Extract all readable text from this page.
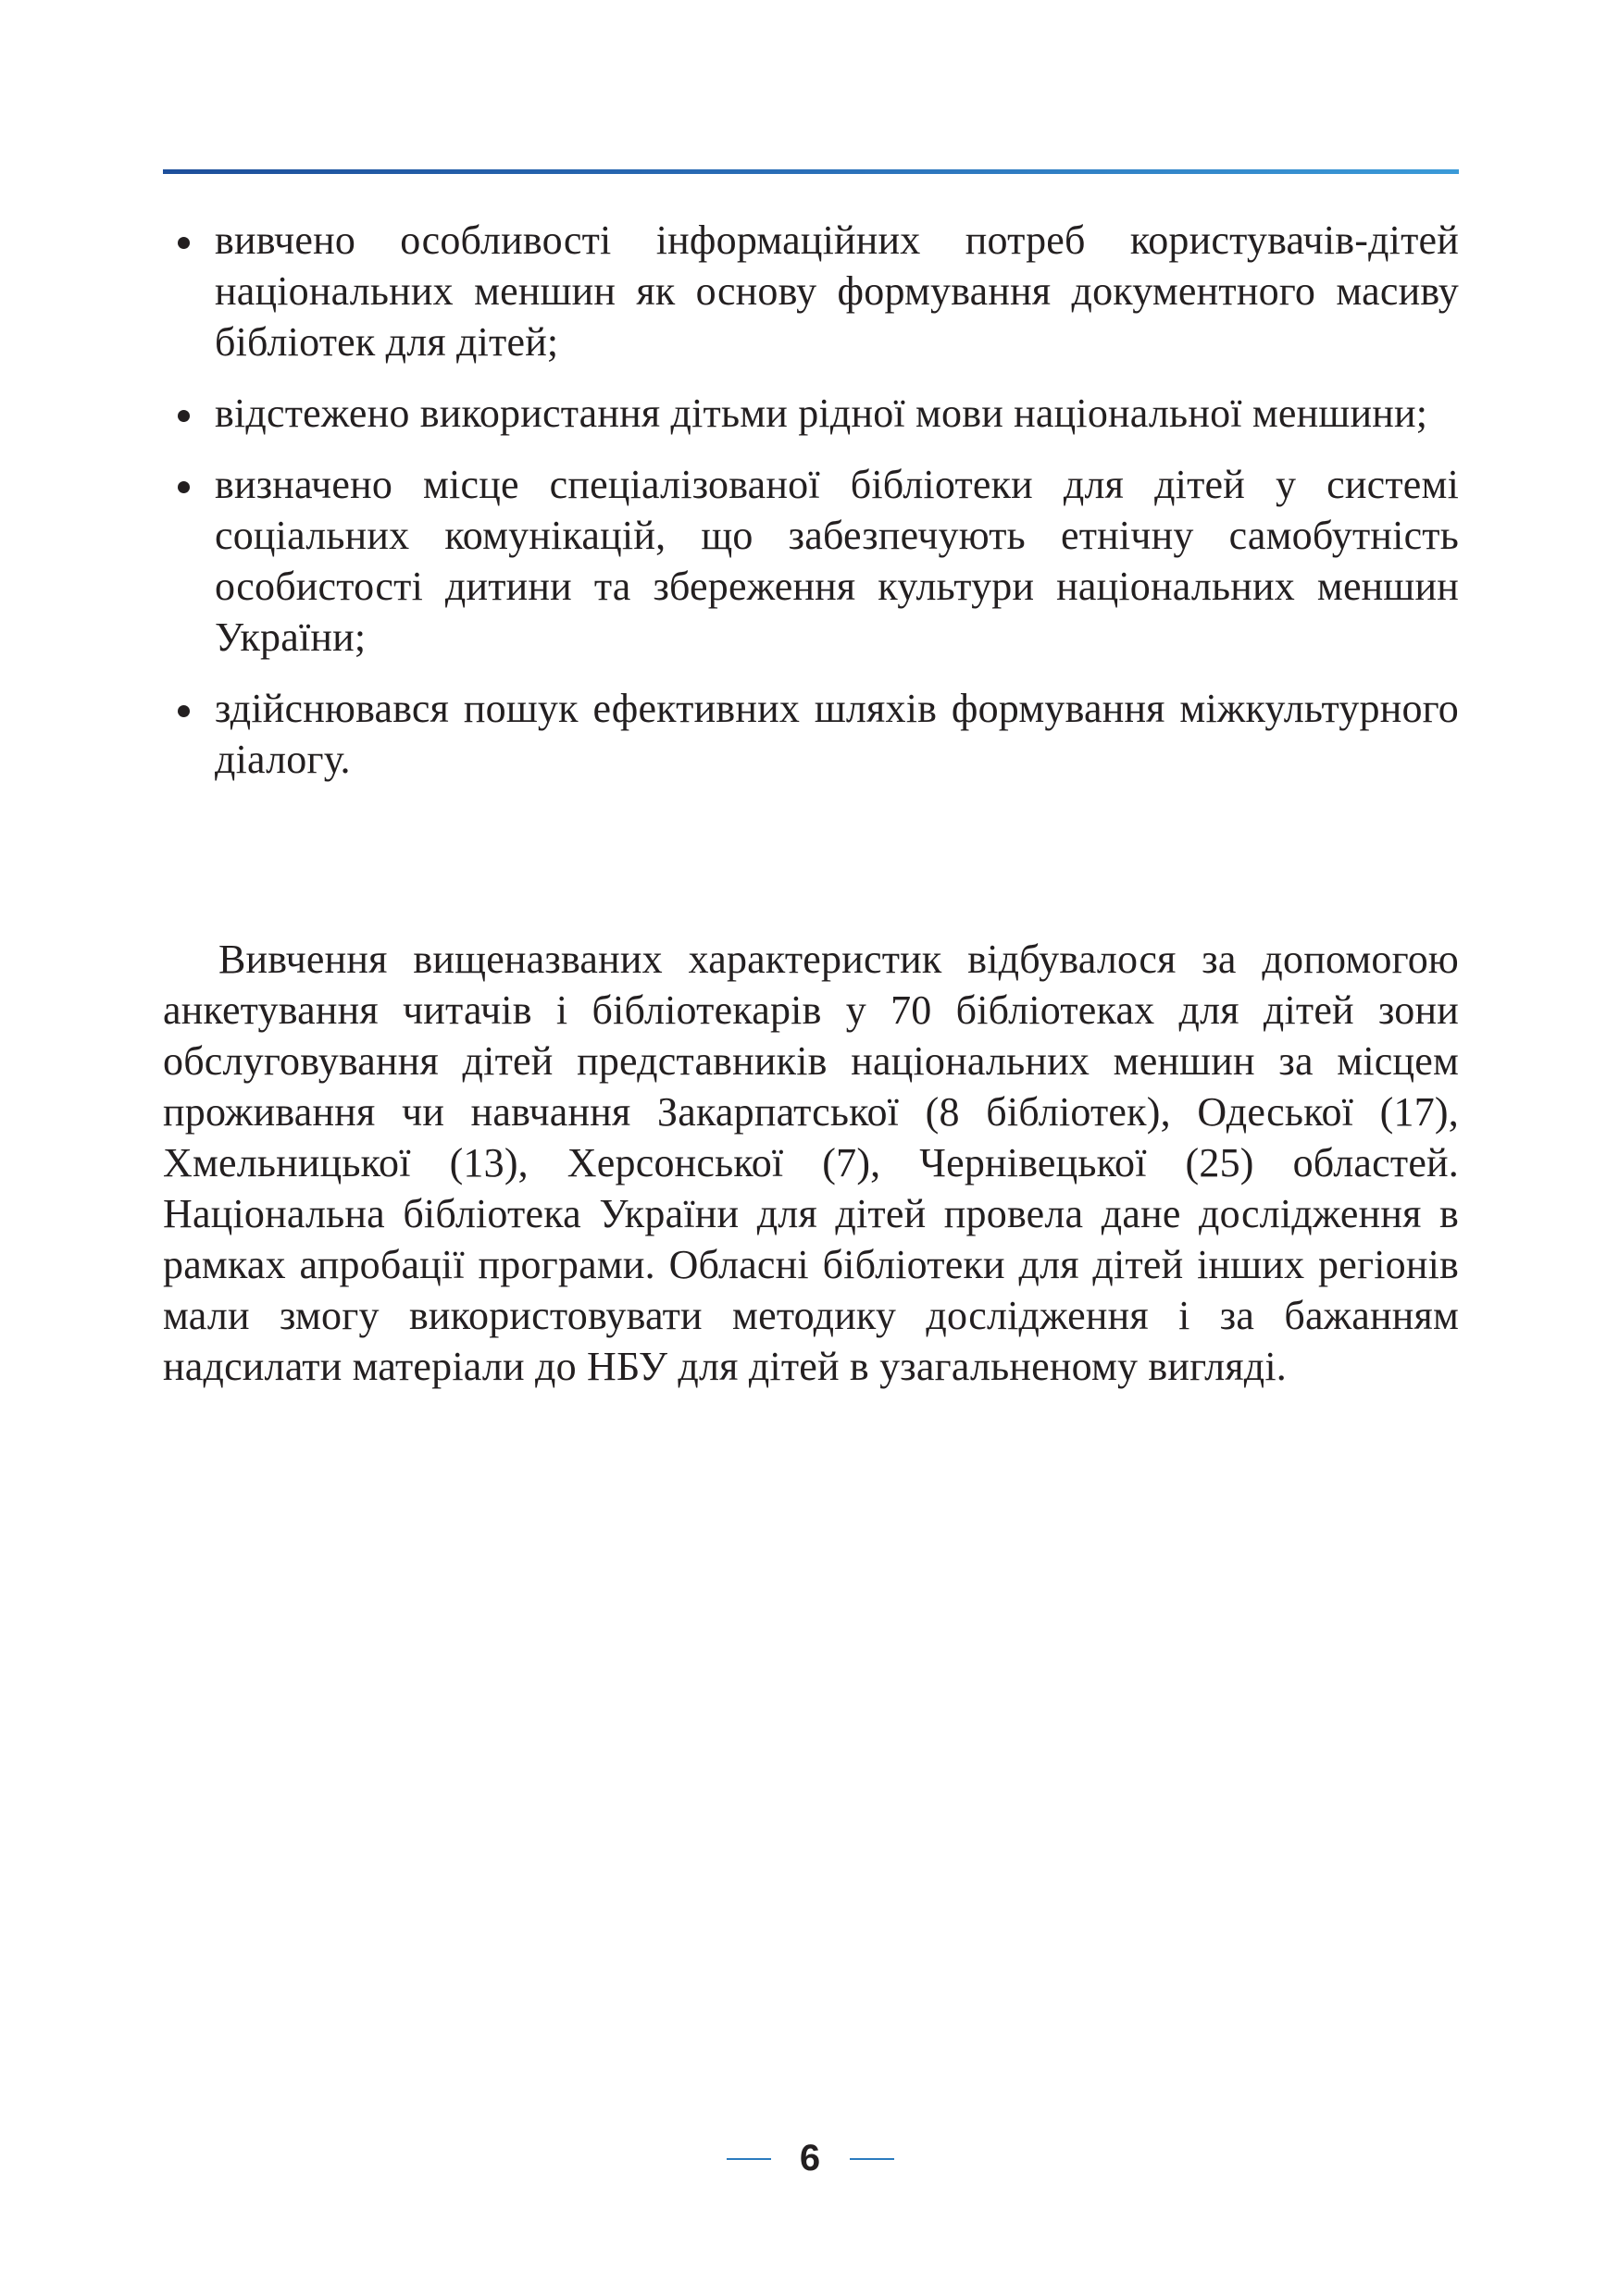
вивчено особливості інформаційних потреб користувачів-дітей національних меншин як основу формування документного масиву бібліотек для дітей;
відстежено використання дітьми рідної мови національної меншини;
визначено місце спеціалізованої бібліотеки для дітей у системі соціальних комунікацій, що забезпечують етнічну самобутність особистості дитини та збереження культури національних меншин України;
здійснювався пошук ефективних шляхів формування міжкультурного діалогу.

Вивчення вищеназваних характеристик відбувалося за допомогою анкетування читачів і бібліотекарів у 70 бібліотеках для дітей зони обслуговування дітей представників національних меншин за місцем проживання чи навчання Закарпатської (8 бібліотек), Одеської (17), Хмельницької (13), Херсонської (7), Чернівецької (25) областей. Національна бібліотека України для дітей провела дане дослідження в рамках апробації програми. Обласні бібліотеки для дітей інших регіонів мали змогу використовувати методику дослідження і за бажанням надсилати матеріали до НБУ для дітей в узагальненому вигляді.

6
